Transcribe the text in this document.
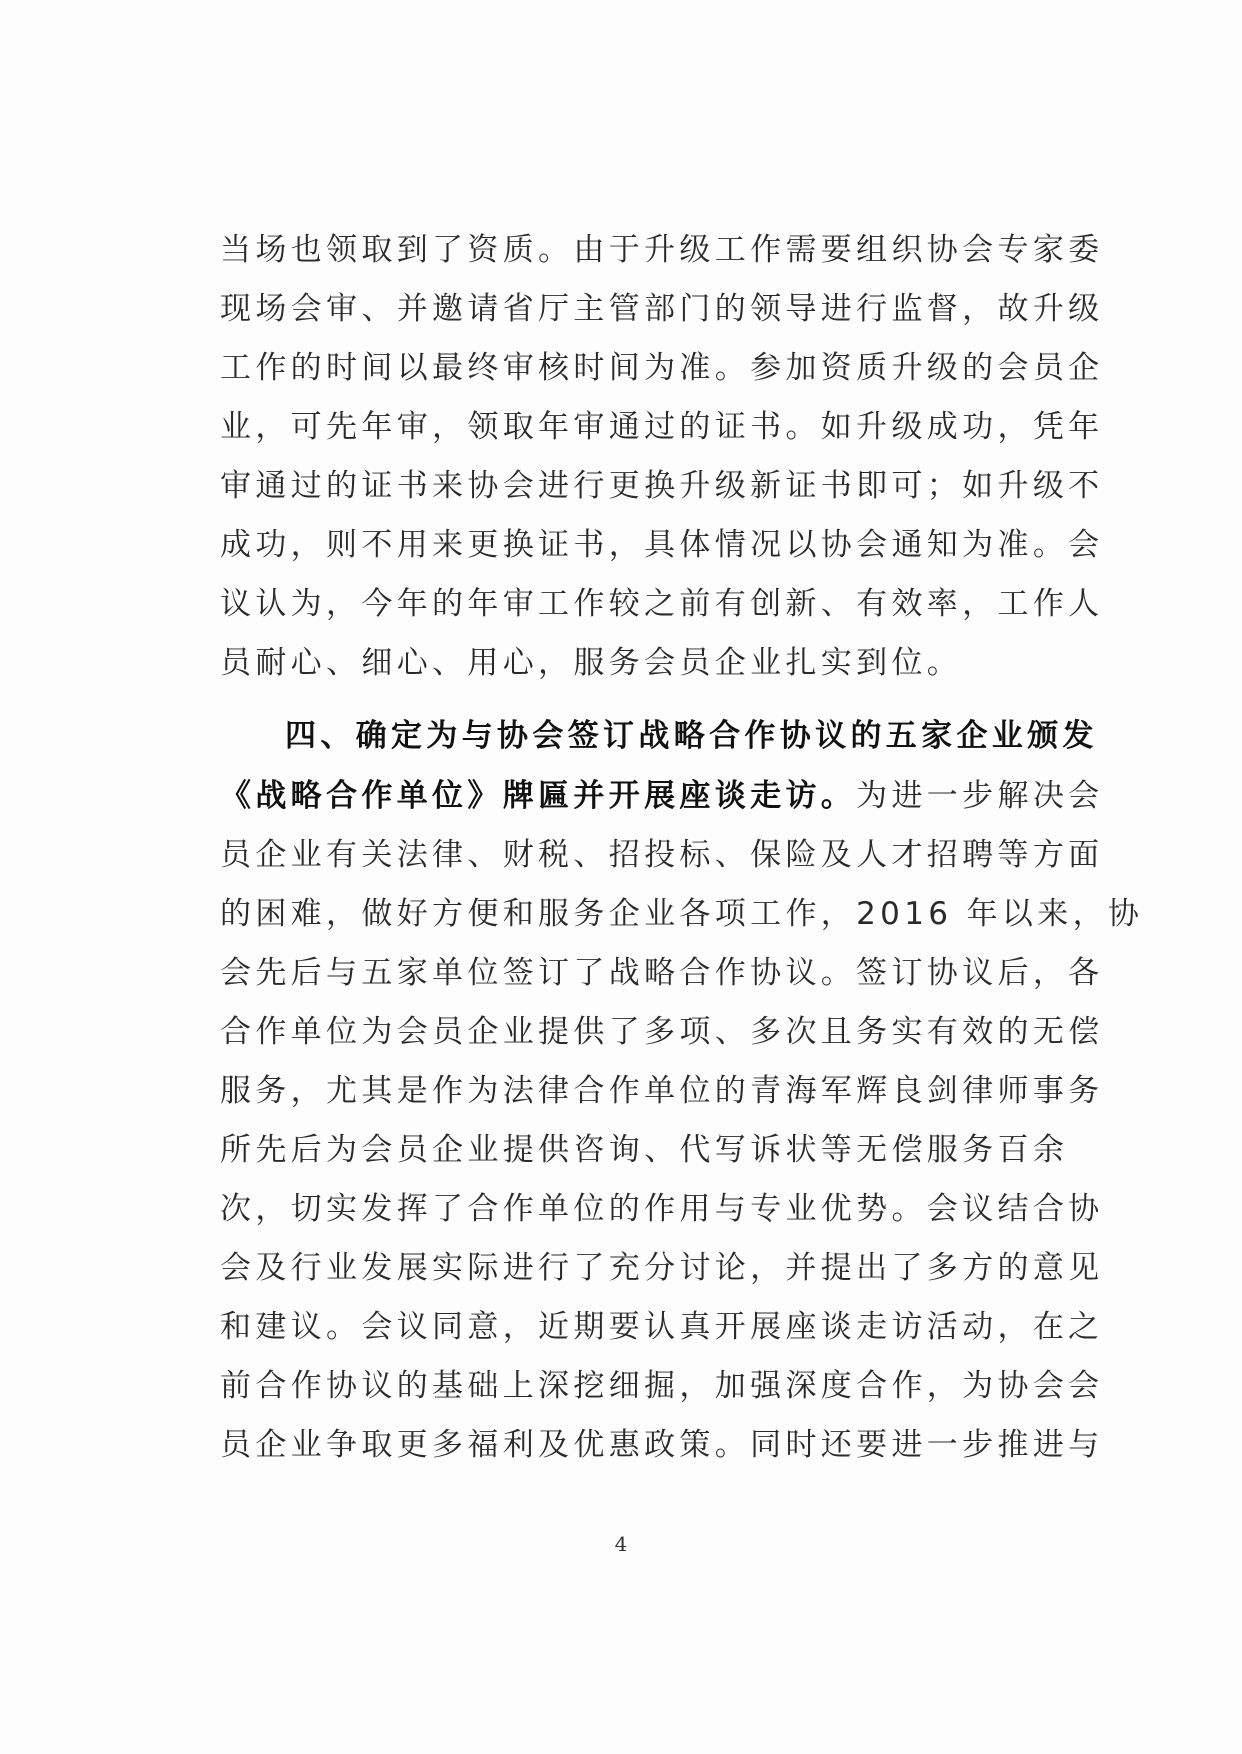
当场也领取到了资质。由于升级工作需要组织协会专家委
现场会审、并邀请省厅主管部门的领导进行监督，故升级
工作的时间以最终审核时间为准。参加资质升级的会员企
业，可先年审，领取年审通过的证书。如升级成功，凭年
审通过的证书来协会进行更换升级新证书即可；如升级不
成功，则不用来更换证书，具体情况以协会通知为准。会
议认为，今年的年审工作较之前有创新、有效率，工作人
员耐心、细心、用心，服务会员企业扎实到位。
四、确定为与协会签订战略合作协议的五家企业颁发
《战略合作单位》牌匾并开展座谈走访。为进一步解决会
员企业有关法律、财税、招投标、保险及人才招聘等方面
的困难，做好方便和服务企业各项工作，2016 年以来，协
会先后与五家单位签订了战略合作协议。签订协议后，各
合作单位为会员企业提供了多项、多次且务实有效的无偿
服务，尤其是作为法律合作单位的青海军辉良剑律师事务
所先后为会员企业提供咨询、代写诉状等无偿服务百余
次，切实发挥了合作单位的作用与专业优势。会议结合协
会及行业发展实际进行了充分讨论，并提出了多方的意见
和建议。会议同意，近期要认真开展座谈走访活动，在之
前合作协议的基础上深挖细掘，加强深度合作，为协会会
员企业争取更多福利及优惠政策。同时还要进一步推进与
4
